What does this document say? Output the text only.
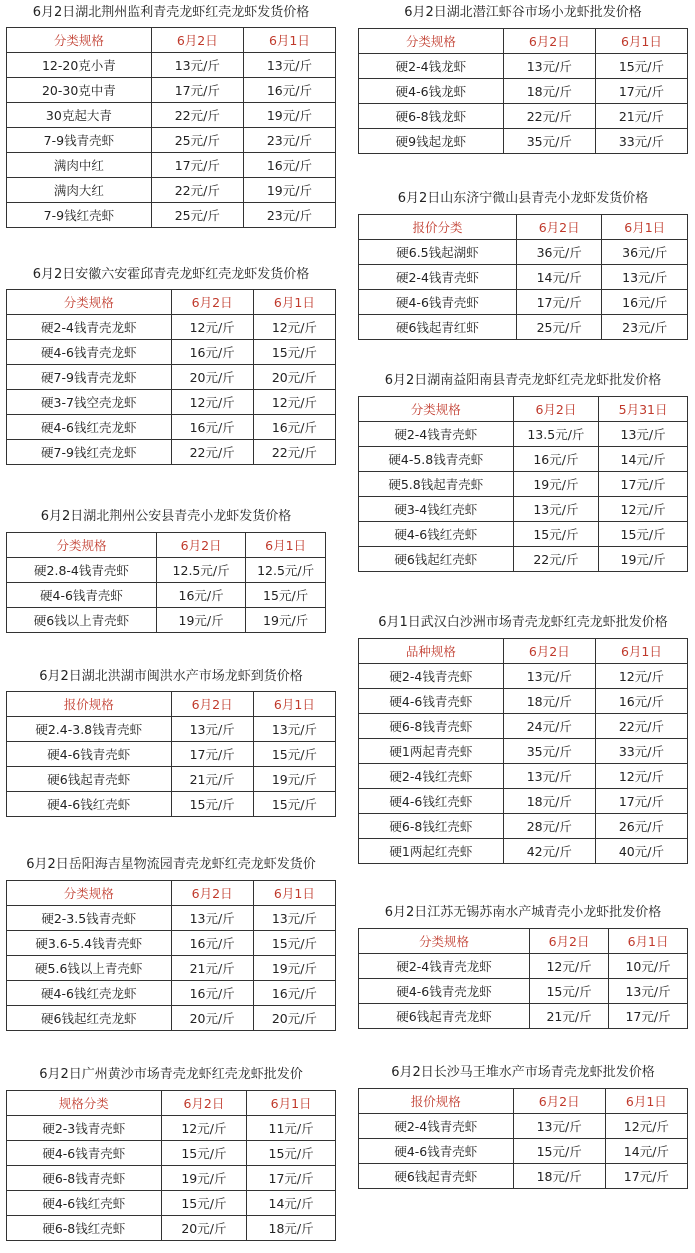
6月2日湖北荆州监利青壳龙虾红壳龙虾发货价格
分类规格	6月2日	6月1日
12-20克小青	13元/斤	13元/斤
20-30克中青	17元/斤	16元/斤
30克起大青	22元/斤	19元/斤
7-9钱青壳虾	25元/斤	23元/斤
满肉中红	17元/斤	16元/斤
满肉大红	22元/斤	19元/斤
7-9钱红壳虾	25元/斤	23元/斤
6月2日安徽六安霍邱青壳龙虾红壳龙虾发货价格
分类规格	6月2日	6月1日
硬2-4钱青壳龙虾	12元/斤	12元/斤
硬4-6钱青壳龙虾	16元/斤	15元/斤
硬7-9钱青壳龙虾	20元/斤	20元/斤
硬3-7钱空壳龙虾	12元/斤	12元/斤
硬4-6钱红壳龙虾	16元/斤	16元/斤
硬7-9钱红壳龙虾	22元/斤	22元/斤
6月2日湖北荆州公安县青壳小龙虾发货价格
分类规格	6月2日	6月1日
硬2.8-4钱青壳虾	12.5元/斤	12.5元/斤
硬4-6钱青壳虾	16元/斤	15元/斤
硬6钱以上青壳虾	19元/斤	19元/斤
6月2日湖北洪湖市闽洪水产市场龙虾到货价格
报价规格	6月2日	6月1日
硬2.4-3.8钱青壳虾	13元/斤	13元/斤
硬4-6钱青壳虾	17元/斤	15元/斤
硬6钱起青壳虾	21元/斤	19元/斤
硬4-6钱红壳虾	15元/斤	15元/斤
6月2日岳阳海吉星物流园青壳龙虾红壳龙虾发货价
分类规格	6月2日	6月1日
硬2-3.5钱青壳虾	13元/斤	13元/斤
硬3.6-5.4钱青壳虾	16元/斤	15元/斤
硬5.6钱以上青壳虾	21元/斤	19元/斤
硬4-6钱红壳龙虾	16元/斤	16元/斤
硬6钱起红壳龙虾	20元/斤	20元/斤
6月2日广州黄沙市场青壳龙虾红壳龙虾批发价
规格分类	6月2日	6月1日
硬2-3钱青壳虾	12元/斤	11元/斤
硬4-6钱青壳虾	15元/斤	15元/斤
硬6-8钱青壳虾	19元/斤	17元/斤
硬4-6钱红壳虾	15元/斤	14元/斤
硬6-8钱红壳虾	20元/斤	18元/斤
6月2日湖北潜江虾谷市场小龙虾批发价格
分类规格	6月2日	6月1日
硬2-4钱龙虾	13元/斤	15元/斤
硬4-6钱龙虾	18元/斤	17元/斤
硬6-8钱龙虾	22元/斤	21元/斤
硬9钱起龙虾	35元/斤	33元/斤
6月2日山东济宁微山县青壳小龙虾发货价格
报价分类	6月2日	6月1日
硬6.5钱起湖虾	36元/斤	36元/斤
硬2-4钱青壳虾	14元/斤	13元/斤
硬4-6钱青壳虾	17元/斤	16元/斤
硬6钱起青红虾	25元/斤	23元/斤
6月2日湖南益阳南县青壳龙虾红壳龙虾批发价格
分类规格	6月2日	5月31日
硬2-4钱青壳虾	13.5元/斤	13元/斤
硬4-5.8钱青壳虾	16元/斤	14元/斤
硬5.8钱起青壳虾	19元/斤	17元/斤
硬3-4钱红壳虾	13元/斤	12元/斤
硬4-6钱红壳虾	15元/斤	15元/斤
硬6钱起红壳虾	22元/斤	19元/斤
6月1日武汉白沙洲市场青壳龙虾红壳龙虾批发价格
品种规格	6月2日	6月1日
硬2-4钱青壳虾	13元/斤	12元/斤
硬4-6钱青壳虾	18元/斤	16元/斤
硬6-8钱青壳虾	24元/斤	22元/斤
硬1两起青壳虾	35元/斤	33元/斤
硬2-4钱红壳虾	13元/斤	12元/斤
硬4-6钱红壳虾	18元/斤	17元/斤
硬6-8钱红壳虾	28元/斤	26元/斤
硬1两起红壳虾	42元/斤	40元/斤
6月2日江苏无锡苏南水产城青壳小龙虾批发价格
分类规格	6月2日	6月1日
硬2-4钱青壳龙虾	12元/斤	10元/斤
硬4-6钱青壳龙虾	15元/斤	13元/斤
硬6钱起青壳龙虾	21元/斤	17元/斤
6月2日长沙马王堆水产市场青壳龙虾批发价格
报价规格	6月2日	6月1日
硬2-4钱青壳虾	13元/斤	12元/斤
硬4-6钱青壳虾	15元/斤	14元/斤
硬6钱起青壳虾	18元/斤	17元/斤
